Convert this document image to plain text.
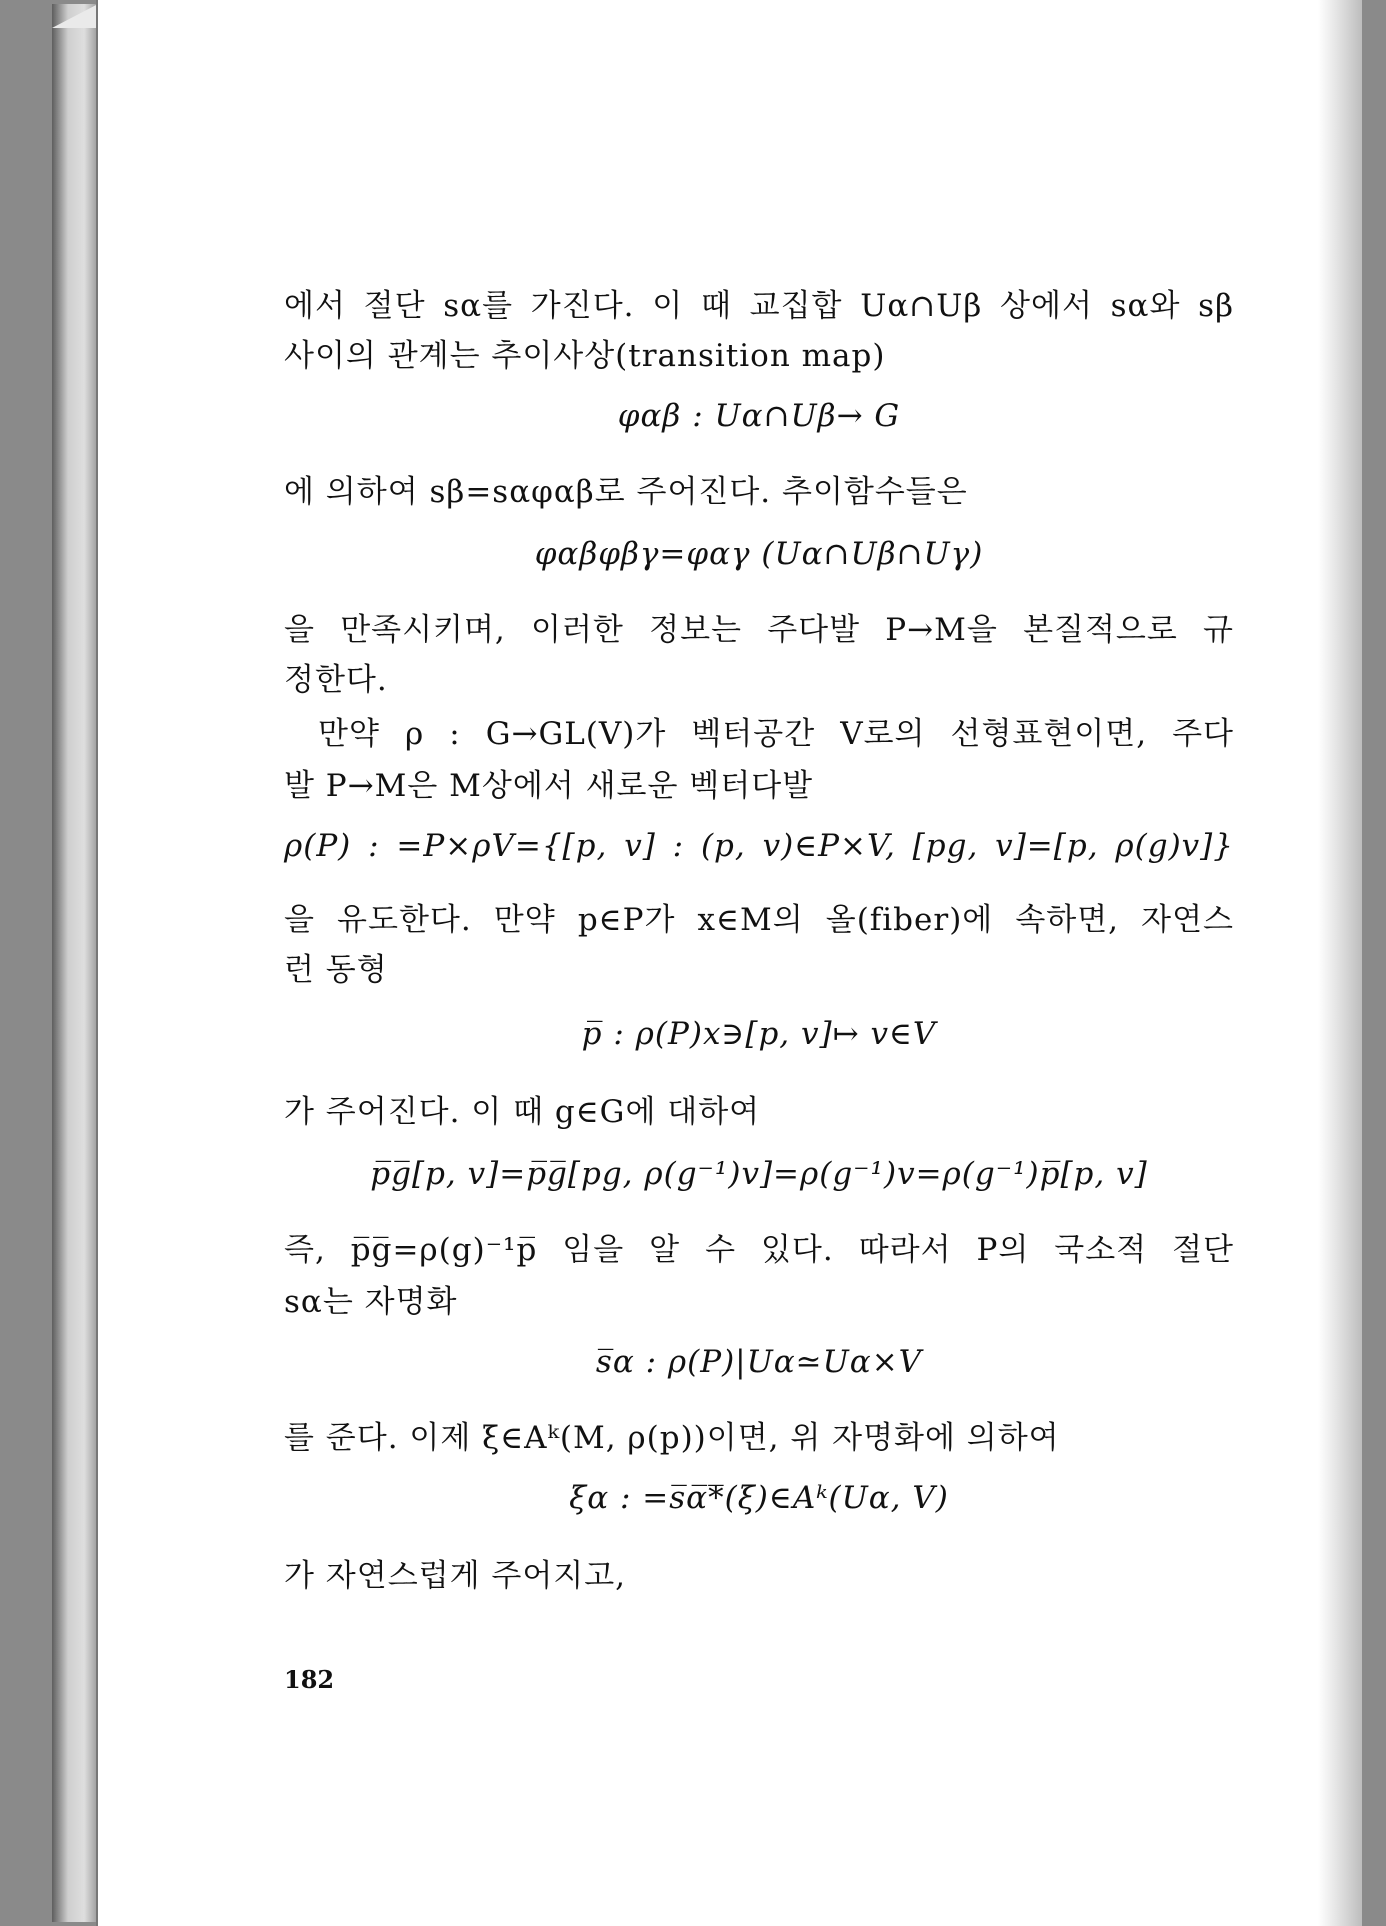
에서 절단 sα를 가진다. 이 때 교집합 Uα∩Uβ 상에서 sα와 sβ
사이의 관계는 추이사상(transition map)
φαβ : Uα∩Uβ→ G
에 의하여 sβ=sαφαβ로 주어진다. 추이함수들은
φαβφβγ=φαγ (Uα∩Uβ∩Uγ)
을 만족시키며, 이러한 정보는 주다발 P→M을 본질적으로 규
정한다.
만약 ρ : G→GL(V)가 벡터공간 V로의 선형표현이면, 주다
발 P→M은 M상에서 새로운 벡터다발
ρ(P) : =P×ρV={[p, v] : (p, v)∈P×V, [pg, v]=[p, ρ(g)v]}
을 유도한다. 만약 p∈P가 x∈M의 올(fiber)에 속하면, 자연스
런 동형
p̅ : ρ(P)x∋[p, v]↦ v∈V
가 주어진다. 이 때 g∈G에 대하여
p̅g̅[p, v]=p̅g̅[pg, ρ(g⁻¹)v]=ρ(g⁻¹)v=ρ(g⁻¹)p̅[p, v]
즉, p̅g̅=ρ(g)⁻¹p̅ 임을 알 수 있다. 따라서 P의 국소적 절단
sα는 자명화
s̅α : ρ(P)|Uα≃Uα×V
를 준다. 이제 ξ∈Aᵏ(M, ρ(p))이면, 위 자명화에 의하여
ξα : =s̅α̅*̅(ξ)∈Aᵏ(Uα, V)
가 자연스럽게 주어지고,
182
